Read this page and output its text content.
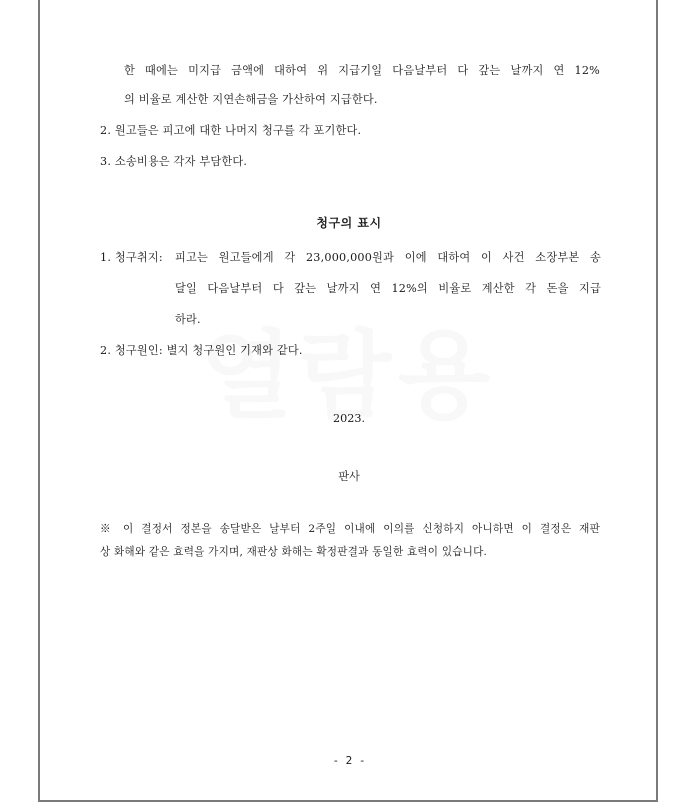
한 때에는 미지급 금액에 대하여 위 지급기일 다음날부터 다 갚는 날까지 연 12%
의 비율로 계산한 지연손해금을 가산하여 지급한다.
2. 원고들은 피고에 대한 나머지 청구를 각 포기한다.
3. 소송비용은 각자 부담한다.
청구의 표시
1. 청구취지: 피고는 원고들에게 각 23,000,000원과 이에 대하여 이 사건 소장부본 송
달일 다음날부터 다 갚는 날까지 연 12%의 비율로 계산한 각 돈을 지급
하라.
2. 청구원인: 별지 청구원인 기재와 같다.
2023.
판사
※ 이 결정서 정본을 송달받은 날부터 2주일 이내에 이의를 신청하지 아니하면 이 결정은 재판
상 화해와 같은 효력을 가지며, 재판상 화해는 확정판결과 동일한 효력이 있습니다.
- 2 -
